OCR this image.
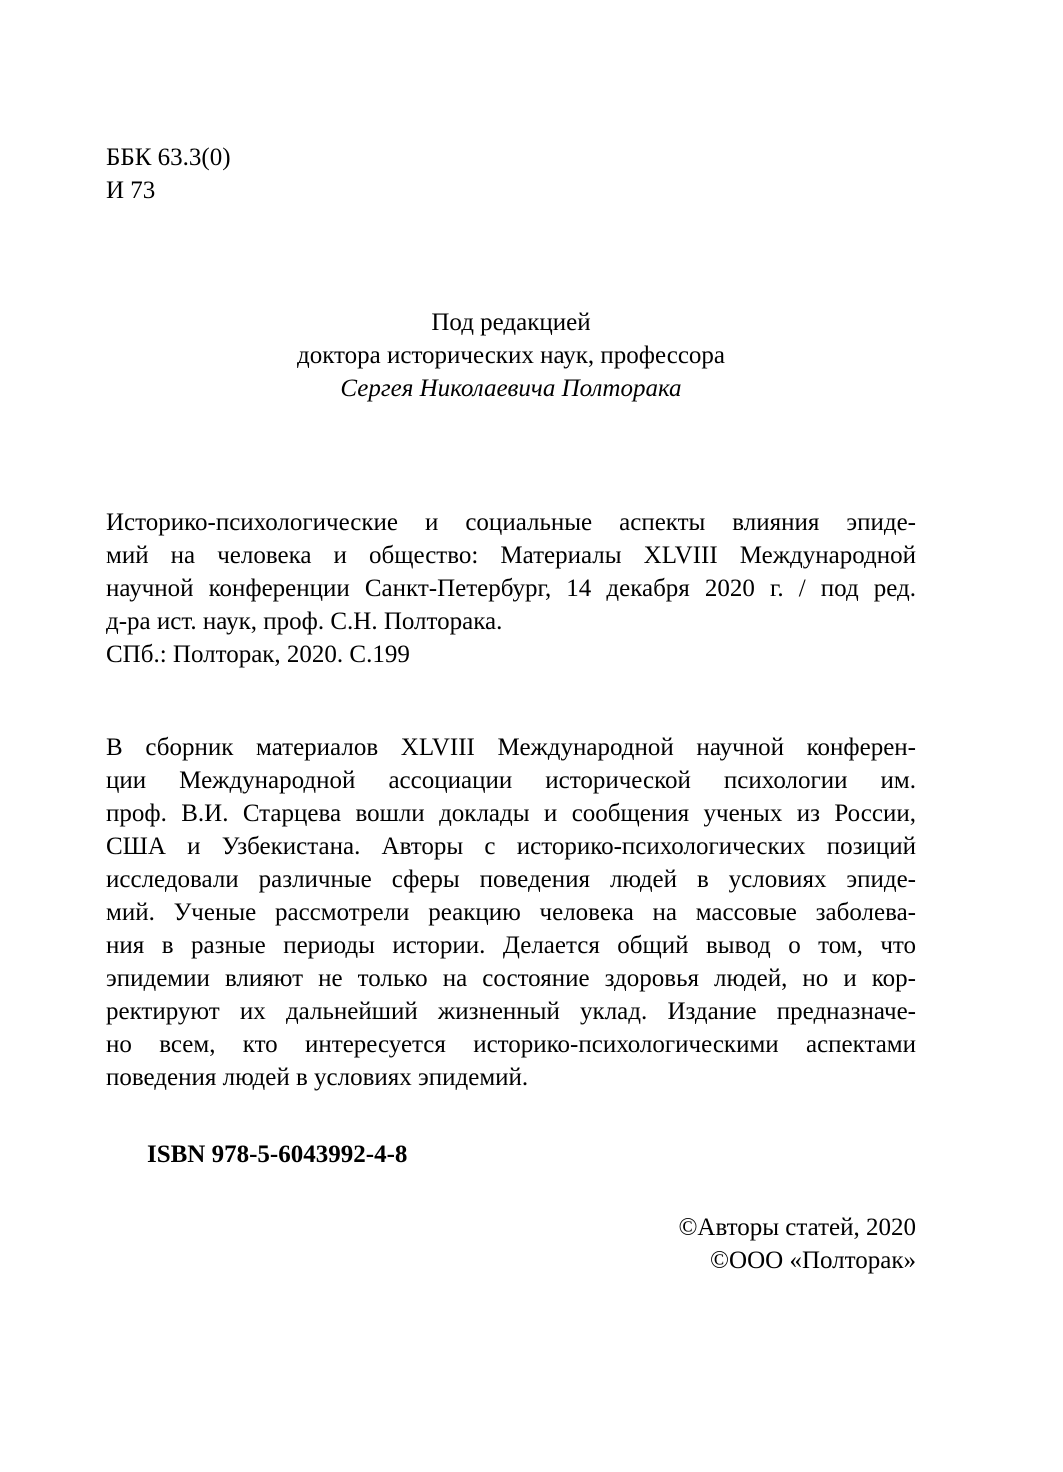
ББК 63.3(0)
И 73
Под редакцией
доктора исторических наук, профессора
Сергея Николаевича Полторака
Историко-психологические и социальные аспекты влияния эпиде-
мий на человека и общество: Материалы XLVIII Международной
научной конференции Санкт-Петербург, 14 декабря 2020 г. / под ред.
д-ра ист. наук, проф. С.Н. Полторака.
СПб.: Полторак, 2020. С.199
В сборник материалов XLVIII Международной научной конферен-
ции Международной ассоциации исторической психологии им.
проф. В.И. Старцева вошли доклады и сообщения ученых из России,
США и Узбекистана. Авторы с историко-психологических позиций
исследовали различные сферы поведения людей в условиях эпиде-
мий. Ученые рассмотрели реакцию человека на массовые заболева-
ния в разные периоды истории. Делается общий вывод о том, что
эпидемии влияют не только на состояние здоровья людей, но и кор-
ректируют их дальнейший жизненный уклад. Издание предназначе-
но всем, кто интересуется историко-психологическими аспектами
поведения людей в условиях эпидемий.
ISBN 978-5-6043992-4-8
©Авторы статей, 2020
©ООО «Полторак»
